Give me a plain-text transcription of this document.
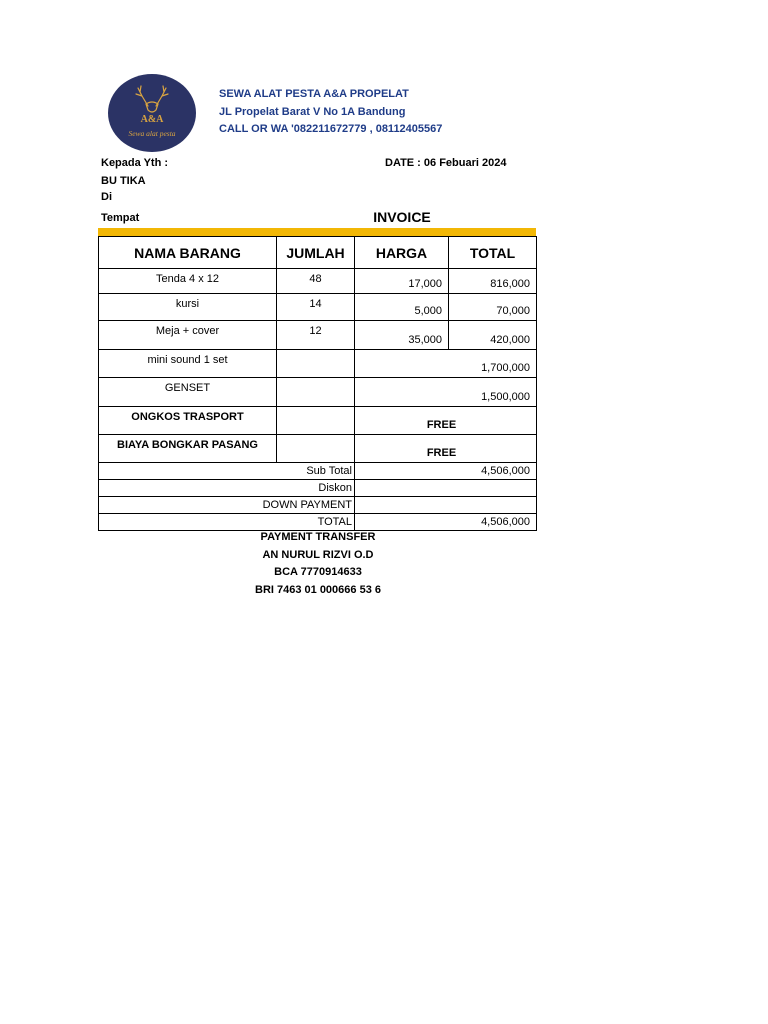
A&A
Sewa alat pesta
SEWA ALAT PESTA A&A PROPELAT
JL Propelat Barat V No 1A Bandung
CALL OR WA '082211672779 , 08112405567
Kepada Yth :
BU TIKA
Di
Tempat
DATE : 06 Febuari 2024
INVOICE
NAMA BARANG	JUMLAH	HARGA	TOTAL
Tenda 4 x 12	48	17,000	816,000
kursi	14	5,000	70,000
Meja + cover	12	35,000	420,000
mini sound 1 set		1,700,000	
GENSET		1,500,000	
ONGKOS TRASPORT		FREE	
BIAYA BONGKAR PASANG		FREE	
Sub Total		4,506,000	
Diskon			
DOWN PAYMENT			
TOTAL		4,506,000	
PAYMENT TRANSFER
AN NURUL RIZVI O.D
BCA 7770914633
BRI 7463 01 000666 53 6
